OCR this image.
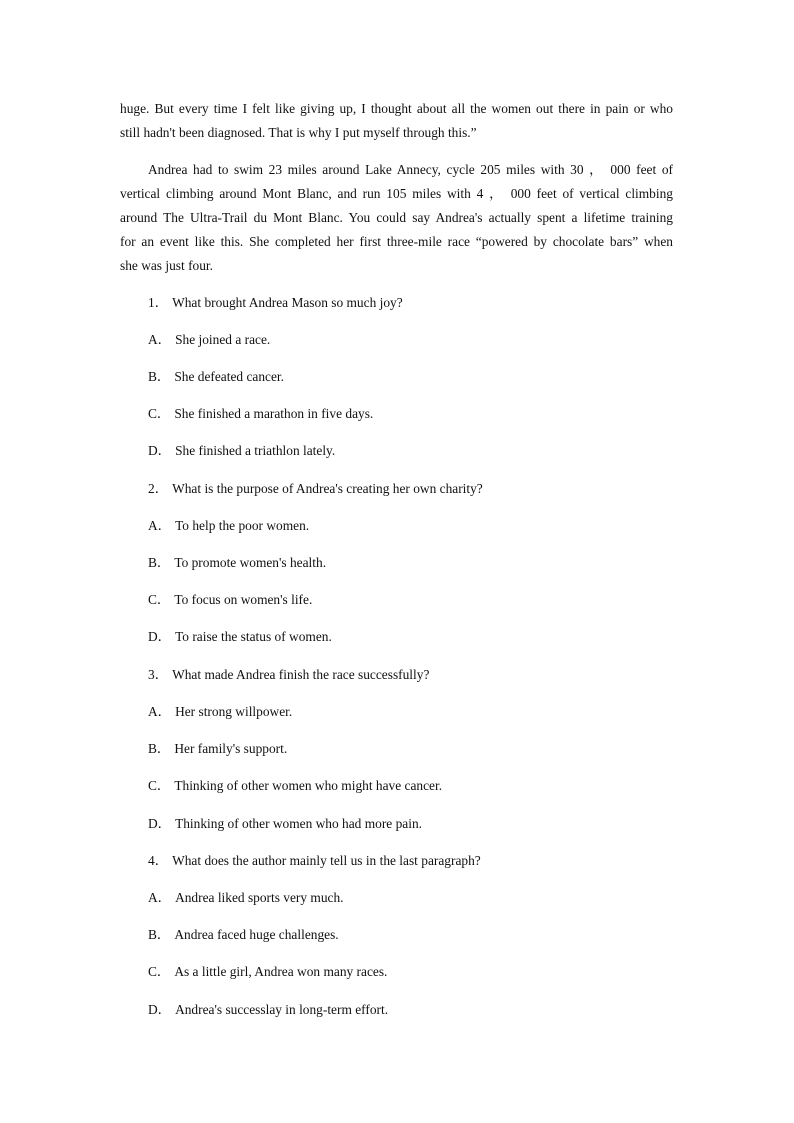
huge. But every time I felt like giving up, I thought about all the women out there in pain or who
still hadn't been diagnosed. That is why I put myself through this.”
Andrea had to swim 23 miles around Lake Annecy, cycle 205 miles with 30 ， 000 feet of
vertical climbing around Mont Blanc, and run 105 miles with 4 ， 000 feet of vertical climbing
around The Ultra-Trail du Mont Blanc. You could say Andrea's actually spent a lifetime training
for an event like this. She completed her first three-mile race “powered by chocolate bars” when
she was just four.

1． What brought Andrea Mason so much joy?

A． She joined a race.

B． She defeated cancer.

C． She finished a marathon in five days.

D． She finished a triathlon lately.

2． What is the purpose of Andrea's creating her own charity?

A． To help the poor women.

B． To promote women's health.

C． To focus on women's life.

D． To raise the status of women.

3． What made Andrea finish the race successfully?

A． Her strong willpower.

B． Her family's support.

C． Thinking of other women who might have cancer.

D． Thinking of other women who had more pain.

4． What does the author mainly tell us in the last paragraph?

A． Andrea liked sports very much.

B． Andrea faced huge challenges.

C． As a little girl, Andrea won many races.

D． Andrea's successlay in long-term effort.
